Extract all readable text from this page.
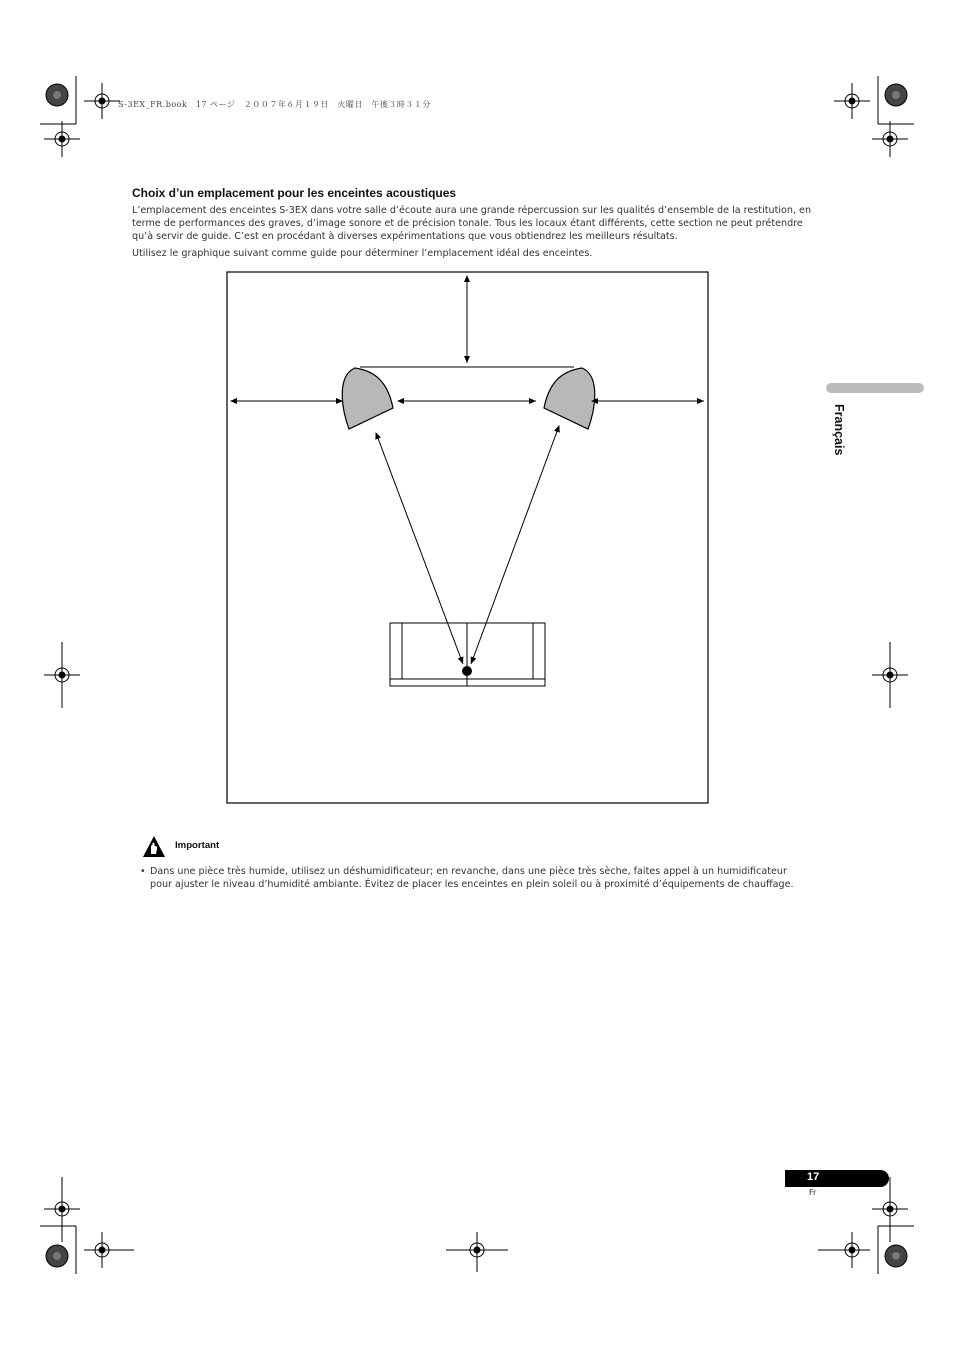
S-3EX_FR.book　17 ページ　２００７年６月１９日　火曜日　午後３時３１分
Choix d’un emplacement pour les enceintes acoustiques
L’emplacement des enceintes S-3EX dans votre salle d’écoute aura une grande répercussion sur les qualités d’ensemble de la restitution, en terme de performances des graves, d’image sonore et de précision tonale. Tous les locaux étant différents, cette section ne peut prétendre qu’à servir de guide. C’est en procédant à diverses expérimentations que vous obtiendrez les meilleurs résultats.
Utilisez le graphique suivant comme guide pour déterminer l’emplacement idéal des enceintes.
Français
Important
• Dans une pièce très humide, utilisez un déshumidificateur; en revanche, dans une pièce très sèche, faites appel à un humidificateur pour ajuster le niveau d’humidité ambiante. Évitez de placer les enceintes en plein soleil ou à proximité d’équipements de chauffage.
17
Fr
